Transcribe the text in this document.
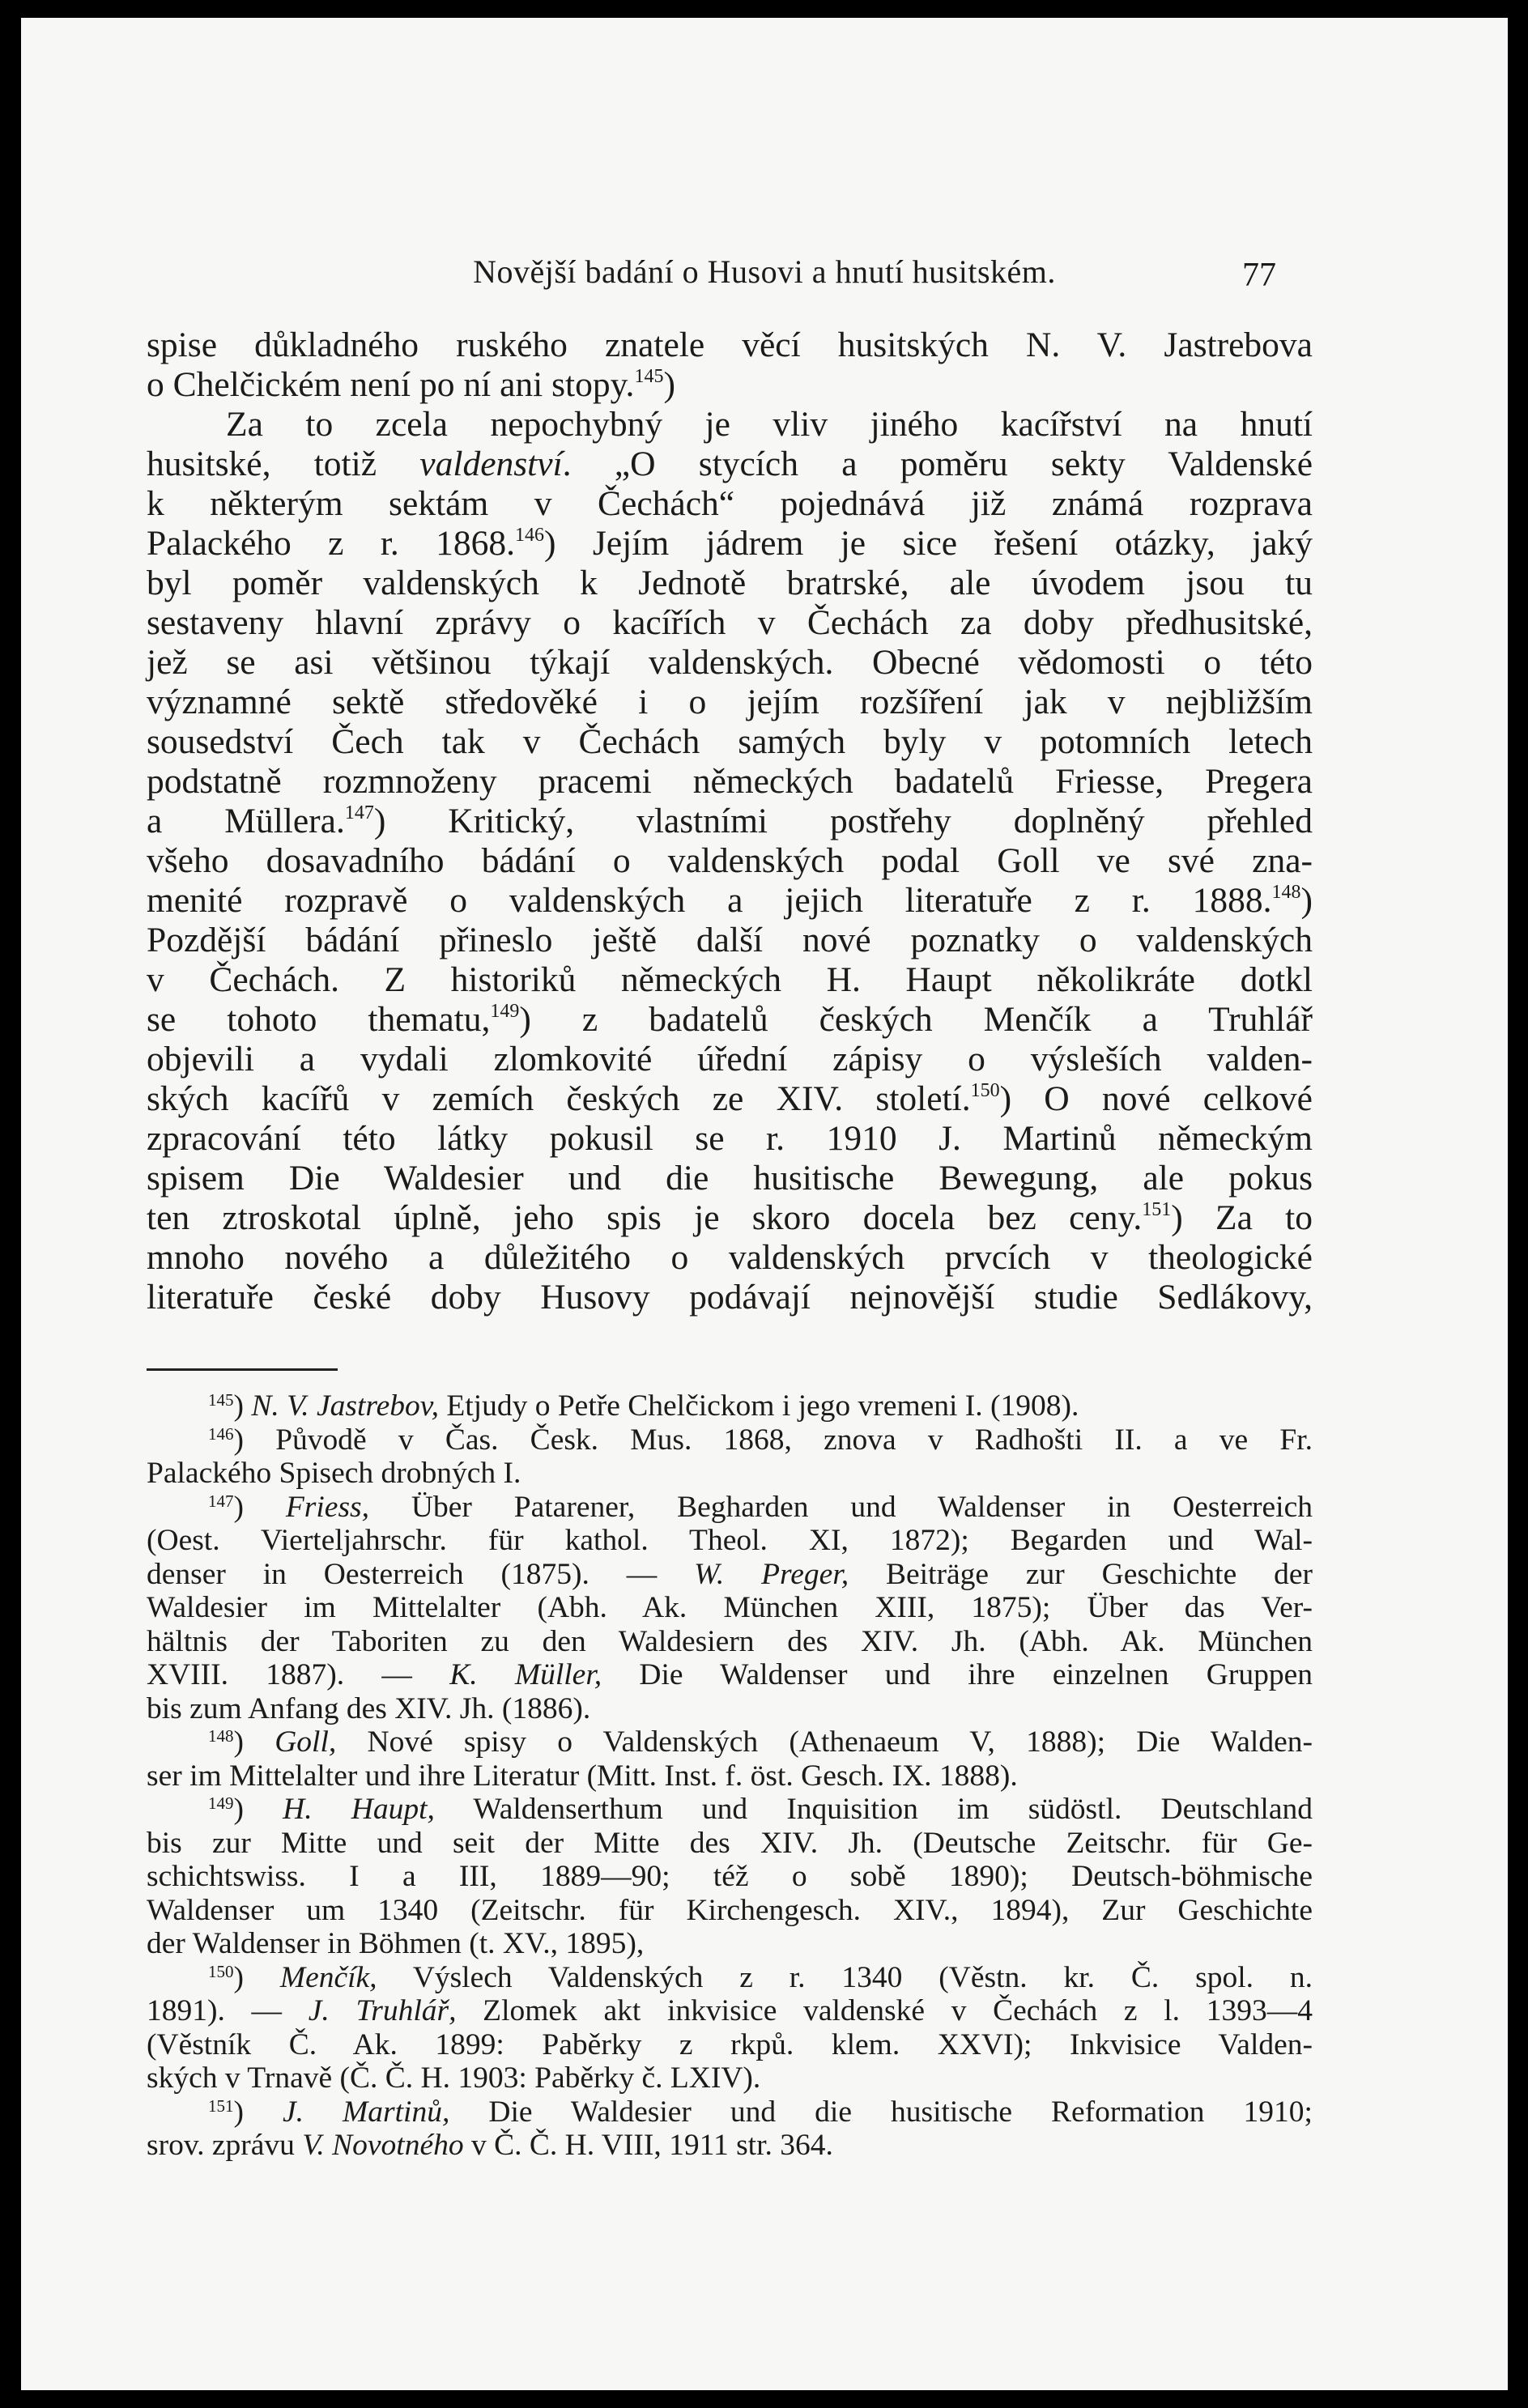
Novější badání o Husovi a hnutí husitském.	77
spise důkladného ruského znatele věcí husitských N. V. Jastrebova
o Chelčickém není po ní ani stopy.$^{145}$)
Za to zcela nepochybný je vliv jiného kacířství na hnutí
husitské, totiž valdenství. „O stycích a poměru sekty Valdenské
k některým sektám v Čechách“ pojednává již známá rozprava
Palackého z r. 1868.$^{146}$) Jejím jádrem je sice řešení otázky, jaký
byl poměr valdenských k Jednotě bratrské, ale úvodem jsou tu
sestaveny hlavní zprávy o kacířích v Čechách za doby předhusitské,
jež se asi většinou týkají valdenských. Obecné vědomosti o této
významné sektě středověké i o jejím rozšíření jak v nejbližším
sousedství Čech tak v Čechách samých byly v potomních letech
podstatně rozmnoženy pracemi německých badatelů Friesse, Pregera
a Müllera.$^{147}$) Kritický, vlastními postřehy doplněný přehled
všeho dosavadního bádání o valdenských podal Goll ve své zna-
menité rozpravě o valdenských a jejich literatuře z r. 1888.$^{148}$)
Pozdější bádání přineslo ještě další nové poznatky o valdenských
v Čechách. Z historiků německých H. Haupt několikráte dotkl
se tohoto thematu,$^{149}$) z badatelů českých Menčík a Truhlář
objevili a vydali zlomkovité úřední zápisy o výsleších valden-
ských kacířů v zemích českých ze XIV. století.$^{150}$) O nové celkové
zpracování této látky pokusil se r. 1910 J. Martinů německým
spisem Die Waldesier und die husitische Bewegung, ale pokus
ten ztroskotal úplně, jeho spis je skoro docela bez ceny.$^{151}$) Za to
mnoho nového a důležitého o valdenských prvcích v theologické
literatuře české doby Husovy podávají nejnovější studie Sedlákovy,
$^{145}$) N. V. Jastrebov, Etjudy o Petře Chelčickom i jego vremeni I. (1908).
$^{146}$) Původě v Čas. Česk. Mus. 1868, znova v Radhošti II. a ve Fr.
Palackého Spisech drobných I.
$^{147}$) Friess, Über Patarener, Begharden und Waldenser in Oesterreich
(Oest. Vierteljahrschr. für kathol. Theol. XI, 1872); Begarden und Wal-
denser in Oesterreich (1875). — W. Preger, Beiträge zur Geschichte der
Waldesier im Mittelalter (Abh. Ak. München XIII, 1875); Über das Ver-
hältnis der Taboriten zu den Waldesiern des XIV. Jh. (Abh. Ak. München
XVIII. 1887). — K. Müller, Die Waldenser und ihre einzelnen Gruppen
bis zum Anfang des XIV. Jh. (1886).
$^{148}$) Goll, Nové spisy o Valdenských (Athenaeum V, 1888); Die Walden-
ser im Mittelalter und ihre Literatur (Mitt. Inst. f. öst. Gesch. IX. 1888).
$^{149}$) H. Haupt, Waldenserthum und Inquisition im südöstl. Deutschland
bis zur Mitte und seit der Mitte des XIV. Jh. (Deutsche Zeitschr. für Ge-
schichtswiss. I a III, 1889—90; též o sobě 1890); Deutsch-böhmische
Waldenser um 1340 (Zeitschr. für Kirchengesch. XIV., 1894), Zur Geschichte
der Waldenser in Böhmen (t. XV., 1895),
$^{150}$) Menčík, Výslech Valdenských z r. 1340 (Věstn. kr. Č. spol. n.
1891). — J. Truhlář, Zlomek akt inkvisice valdenské v Čechách z l. 1393—4
(Věstník Č. Ak. 1899: Paběrky z rkpů. klem. XXVI); Inkvisice Valden-
ských v Trnavě (Č. Č. H. 1903: Paběrky č. LXIV).
$^{151}$) J. Martinů, Die Waldesier und die husitische Reformation 1910;
srov. zprávu V. Novotného v Č. Č. H. VIII, 1911 str. 364.
